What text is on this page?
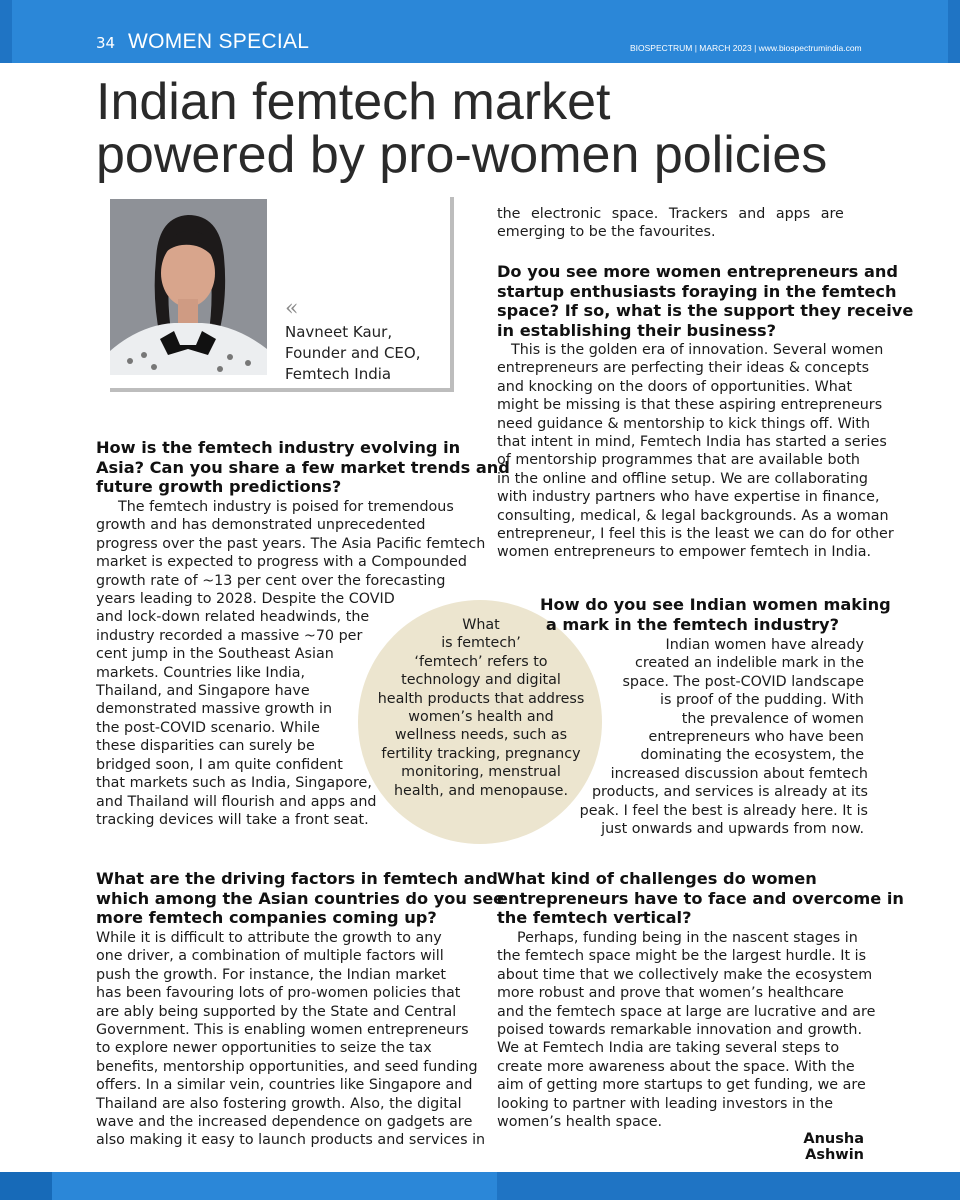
34 WOMEN SPECIAL	BIOSPECTRUM | MARCH 2023 | www.biospectrumindia.com
Indian femtech market
powered by pro-women policies
«
Navneet Kaur,
Founder and CEO,
Femtech India
How is the femtech industry evolving in
Asia? Can you share a few market trends and
future growth predictions?
The femtech industry is poised for tremendous
growth and has demonstrated unprecedented
progress over the past years. The Asia Pacific femtech
market is expected to progress with a Compounded
growth rate of ~13 per cent over the forecasting
years leading to 2028. Despite the COVID
and lock-down related headwinds, the
industry recorded a massive ~70 per
cent jump in the Southeast Asian
markets. Countries like India,
Thailand, and Singapore have
demonstrated massive growth in
the post-COVID scenario. While
these disparities can surely be
bridged soon, I am quite confident
that markets such as India, Singapore,
and Thailand will flourish and apps and
tracking devices will take a front seat.
What are the driving factors in femtech and
which among the Asian countries do you see
more femtech companies coming up?
While it is difficult to attribute the growth to any
one driver, a combination of multiple factors will
push the growth. For instance, the Indian market
has been favouring lots of pro-women policies that
are ably being supported by the State and Central
Government. This is enabling women entrepreneurs
to explore newer opportunities to seize the tax
benefits, mentorship opportunities, and seed funding
offers. In a similar vein, countries like Singapore and
Thailand are also fostering growth. Also, the digital
wave and the increased dependence on gadgets are
also making it easy to launch products and services in
What
is femtech’
‘femtech’ refers to
technology and digital
health products that address
women’s health and
wellness needs, such as
fertility tracking, pregnancy
monitoring, menstrual
health, and menopause.
the electronic space. Trackers and apps are
emerging to be the favourites.
Do you see more women entrepreneurs and
startup enthusiasts foraying in the femtech
space? If so, what is the support they receive
in establishing their business?
This is the golden era of innovation. Several women
entrepreneurs are perfecting their ideas & concepts
and knocking on the doors of opportunities. What
might be missing is that these aspiring entrepreneurs
need guidance & mentorship to kick things off. With
that intent in mind, Femtech India has started a series
of mentorship programmes that are available both
in the online and offline setup. We are collaborating
with industry partners who have expertise in finance,
consulting, medical, & legal backgrounds. As a woman
entrepreneur, I feel this is the least we can do for other
women entrepreneurs to empower femtech in India.
How do you see Indian women making
a mark in the femtech industry?
Indian women have already
created an indelible mark in the
space. The post-COVID landscape
is proof of the pudding. With
the prevalence of women
entrepreneurs who have been
dominating the ecosystem, the
increased discussion about femtech
products, and services is already at its
peak. I feel the best is already here. It is
just onwards and upwards from now.
What kind of challenges do women
entrepreneurs have to face and overcome in
the femtech vertical?
Perhaps, funding being in the nascent stages in
the femtech space might be the largest hurdle. It is
about time that we collectively make the ecosystem
more robust and prove that women’s healthcare
and the femtech space at large are lucrative and are
poised towards remarkable innovation and growth.
We at Femtech India are taking several steps to
create more awareness about the space. With the
aim of getting more startups to get funding, we are
looking to partner with leading investors in the
women’s health space.
Anusha Ashwin
